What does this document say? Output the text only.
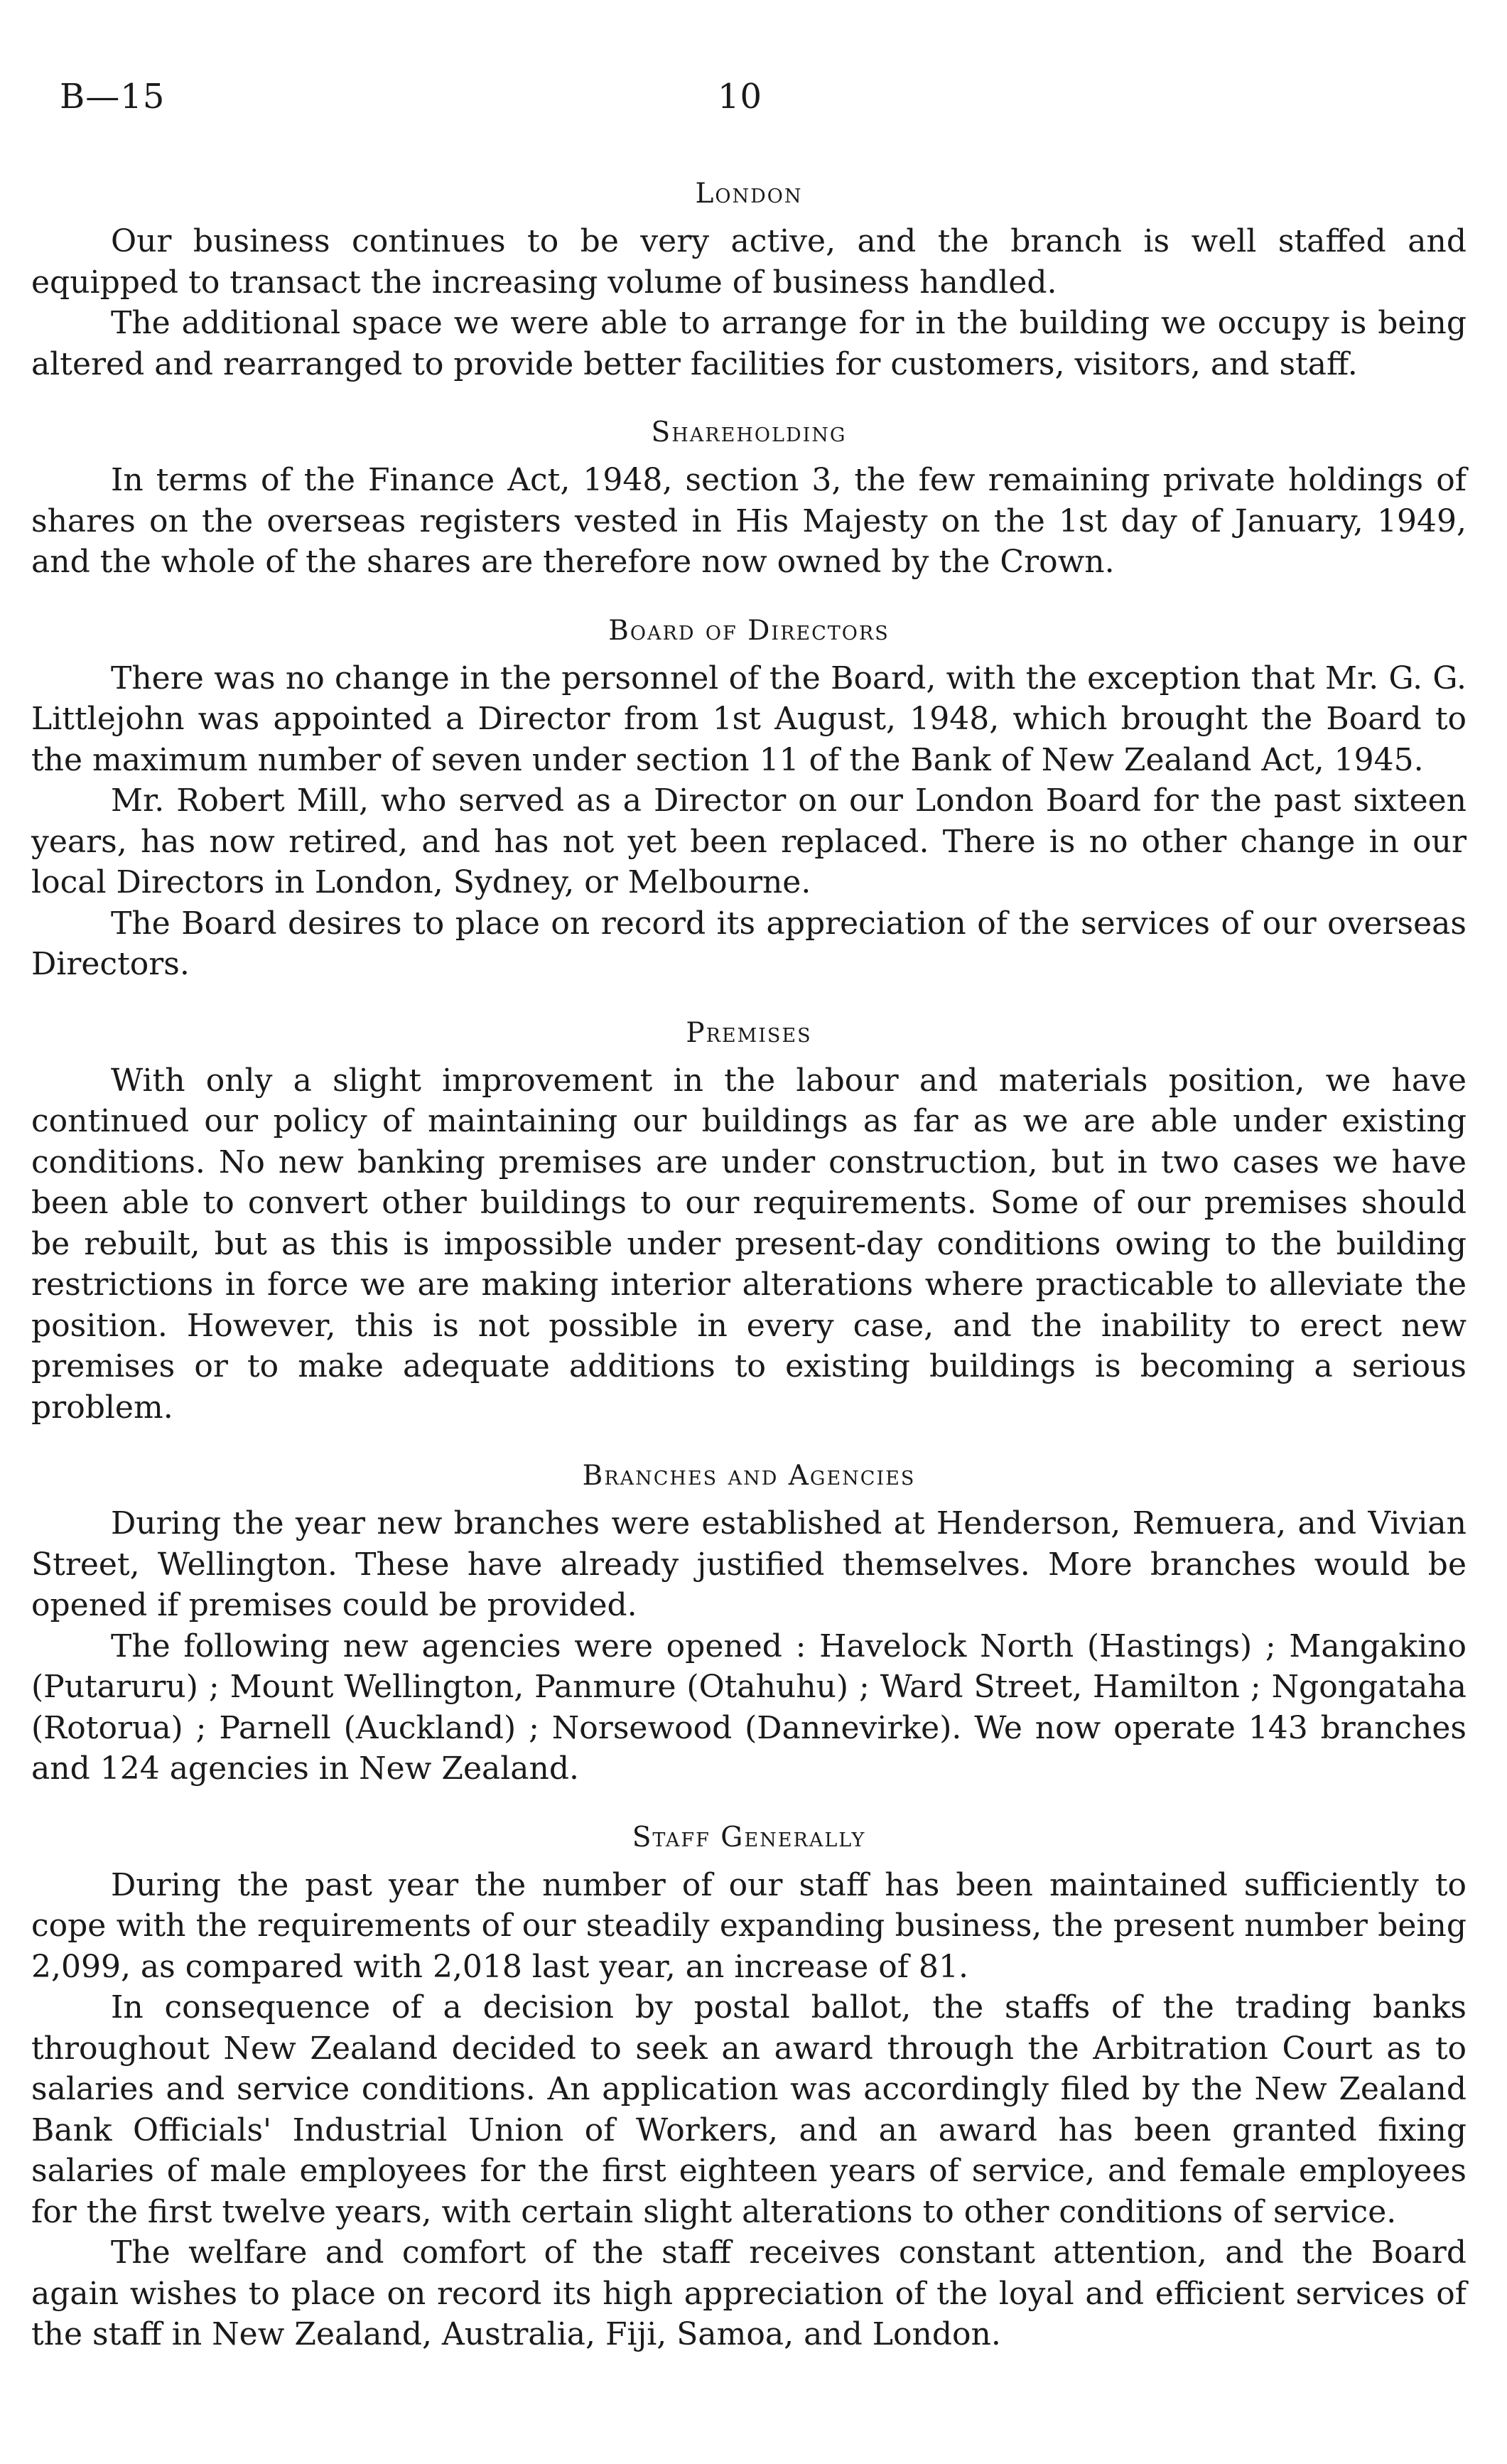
B—15	10
London

Our business continues to be very active, and the branch is well staffed and equipped to transact the increasing volume of business handled.

The additional space we were able to arrange for in the building we occupy is being altered and rearranged to provide better facilities for customers, visitors, and staff.

Shareholding

In terms of the Finance Act, 1948, section 3, the few remaining private holdings of shares on the overseas registers vested in His Majesty on the 1st day of January, 1949, and the whole of the shares are therefore now owned by the Crown.

Board of Directors

There was no change in the personnel of the Board, with the exception that Mr. G. G. Littlejohn was appointed a Director from 1st August, 1948, which brought the Board to the maximum number of seven under section 11 of the Bank of New Zealand Act, 1945.

Mr. Robert Mill, who served as a Director on our London Board for the past sixteen years, has now retired, and has not yet been replaced. There is no other change in our local Directors in London, Sydney, or Melbourne.

The Board desires to place on record its appreciation of the services of our overseas Directors.

Premises

With only a slight improvement in the labour and materials position, we have continued our policy of maintaining our buildings as far as we are able under existing conditions. No new banking premises are under construction, but in two cases we have been able to convert other buildings to our requirements. Some of our premises should be rebuilt, but as this is impossible under present-day conditions owing to the building restrictions in force we are making interior alterations where practicable to alleviate the position. However, this is not possible in every case, and the inability to erect new premises or to make adequate additions to existing buildings is becoming a serious problem.

Branches and Agencies

During the year new branches were established at Henderson, Remuera, and Vivian Street, Wellington. These have already justified themselves. More branches would be opened if premises could be provided.

The following new agencies were opened : Havelock North (Hastings) ; Mangakino (Putaruru) ; Mount Wellington, Panmure (Otahuhu) ; Ward Street, Hamilton ; Ngongataha (Rotorua) ; Parnell (Auckland) ; Norsewood (Dannevirke). We now operate 143 branches and 124 agencies in New Zealand.

Staff Generally

During the past year the number of our staff has been maintained sufficiently to cope with the requirements of our steadily expanding business, the present number being 2,099, as compared with 2,018 last year, an increase of 81.

In consequence of a decision by postal ballot, the staffs of the trading banks throughout New Zealand decided to seek an award through the Arbitration Court as to salaries and service conditions. An application was accordingly filed by the New Zealand Bank Officials' Industrial Union of Workers, and an award has been granted fixing salaries of male employees for the first eighteen years of service, and female employees for the first twelve years, with certain slight alterations to other conditions of service.

The welfare and comfort of the staff receives constant attention, and the Board again wishes to place on record its high appreciation of the loyal and efficient services of the staff in New Zealand, Australia, Fiji, Samoa, and London.
